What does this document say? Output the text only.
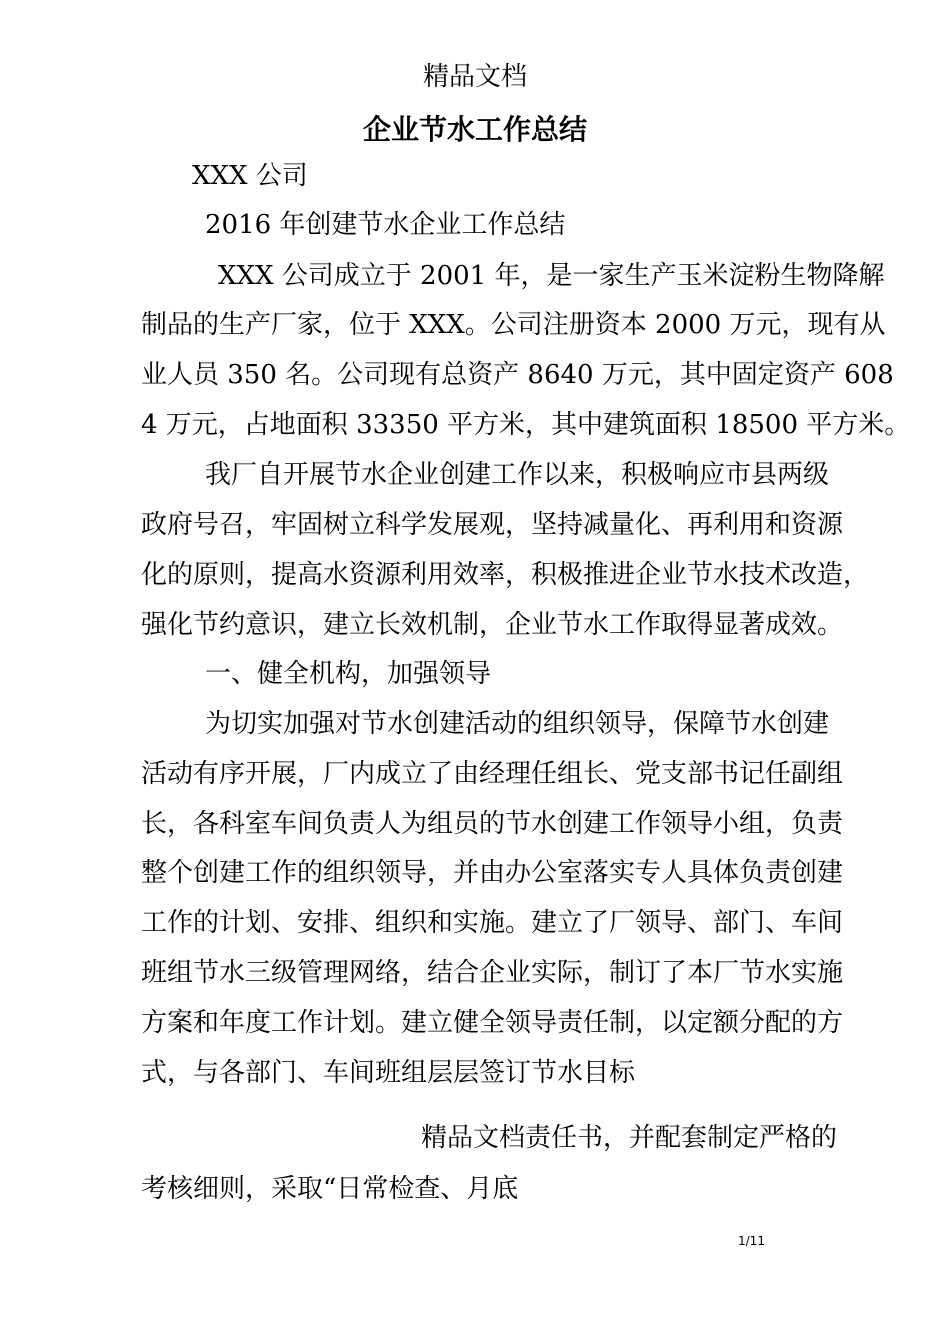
精品文档
企业节水工作总结
XXX 公司
2016 年创建节水企业工作总结
XXX 公司成立于 2001 年，是一家生产玉米淀粉生物降解
制品的生产厂家，位于 XXX。公司注册资本 2000 万元，现有从
业人员 350 名。公司现有总资产 8640 万元，其中固定资产 608
4 万元，占地面积 33350 平方米，其中建筑面积 18500 平方米。
我厂自开展节水企业创建工作以来，积极响应市县两级
政府号召，牢固树立科学发展观，坚持减量化、再利用和资源
化的原则，提高水资源利用效率，积极推进企业节水技术改造，
强化节约意识，建立长效机制，企业节水工作取得显著成效。
一、健全机构，加强领导
为切实加强对节水创建活动的组织领导，保障节水创建
活动有序开展，厂内成立了由经理任组长、党支部书记任副组
长，各科室车间负责人为组员的节水创建工作领导小组，负责
整个创建工作的组织领导，并由办公室落实专人具体负责创建
工作的计划、安排、组织和实施。建立了厂领导、部门、车间
班组节水三级管理网络，结合企业实际，制订了本厂节水实施
方案和年度工作计划。建立健全领导责任制，以定额分配的方
式，与各部门、车间班组层层签订节水目标
精品文档责任书，并配套制定严格的
考核细则，采取“日常检查、月底
1/11
